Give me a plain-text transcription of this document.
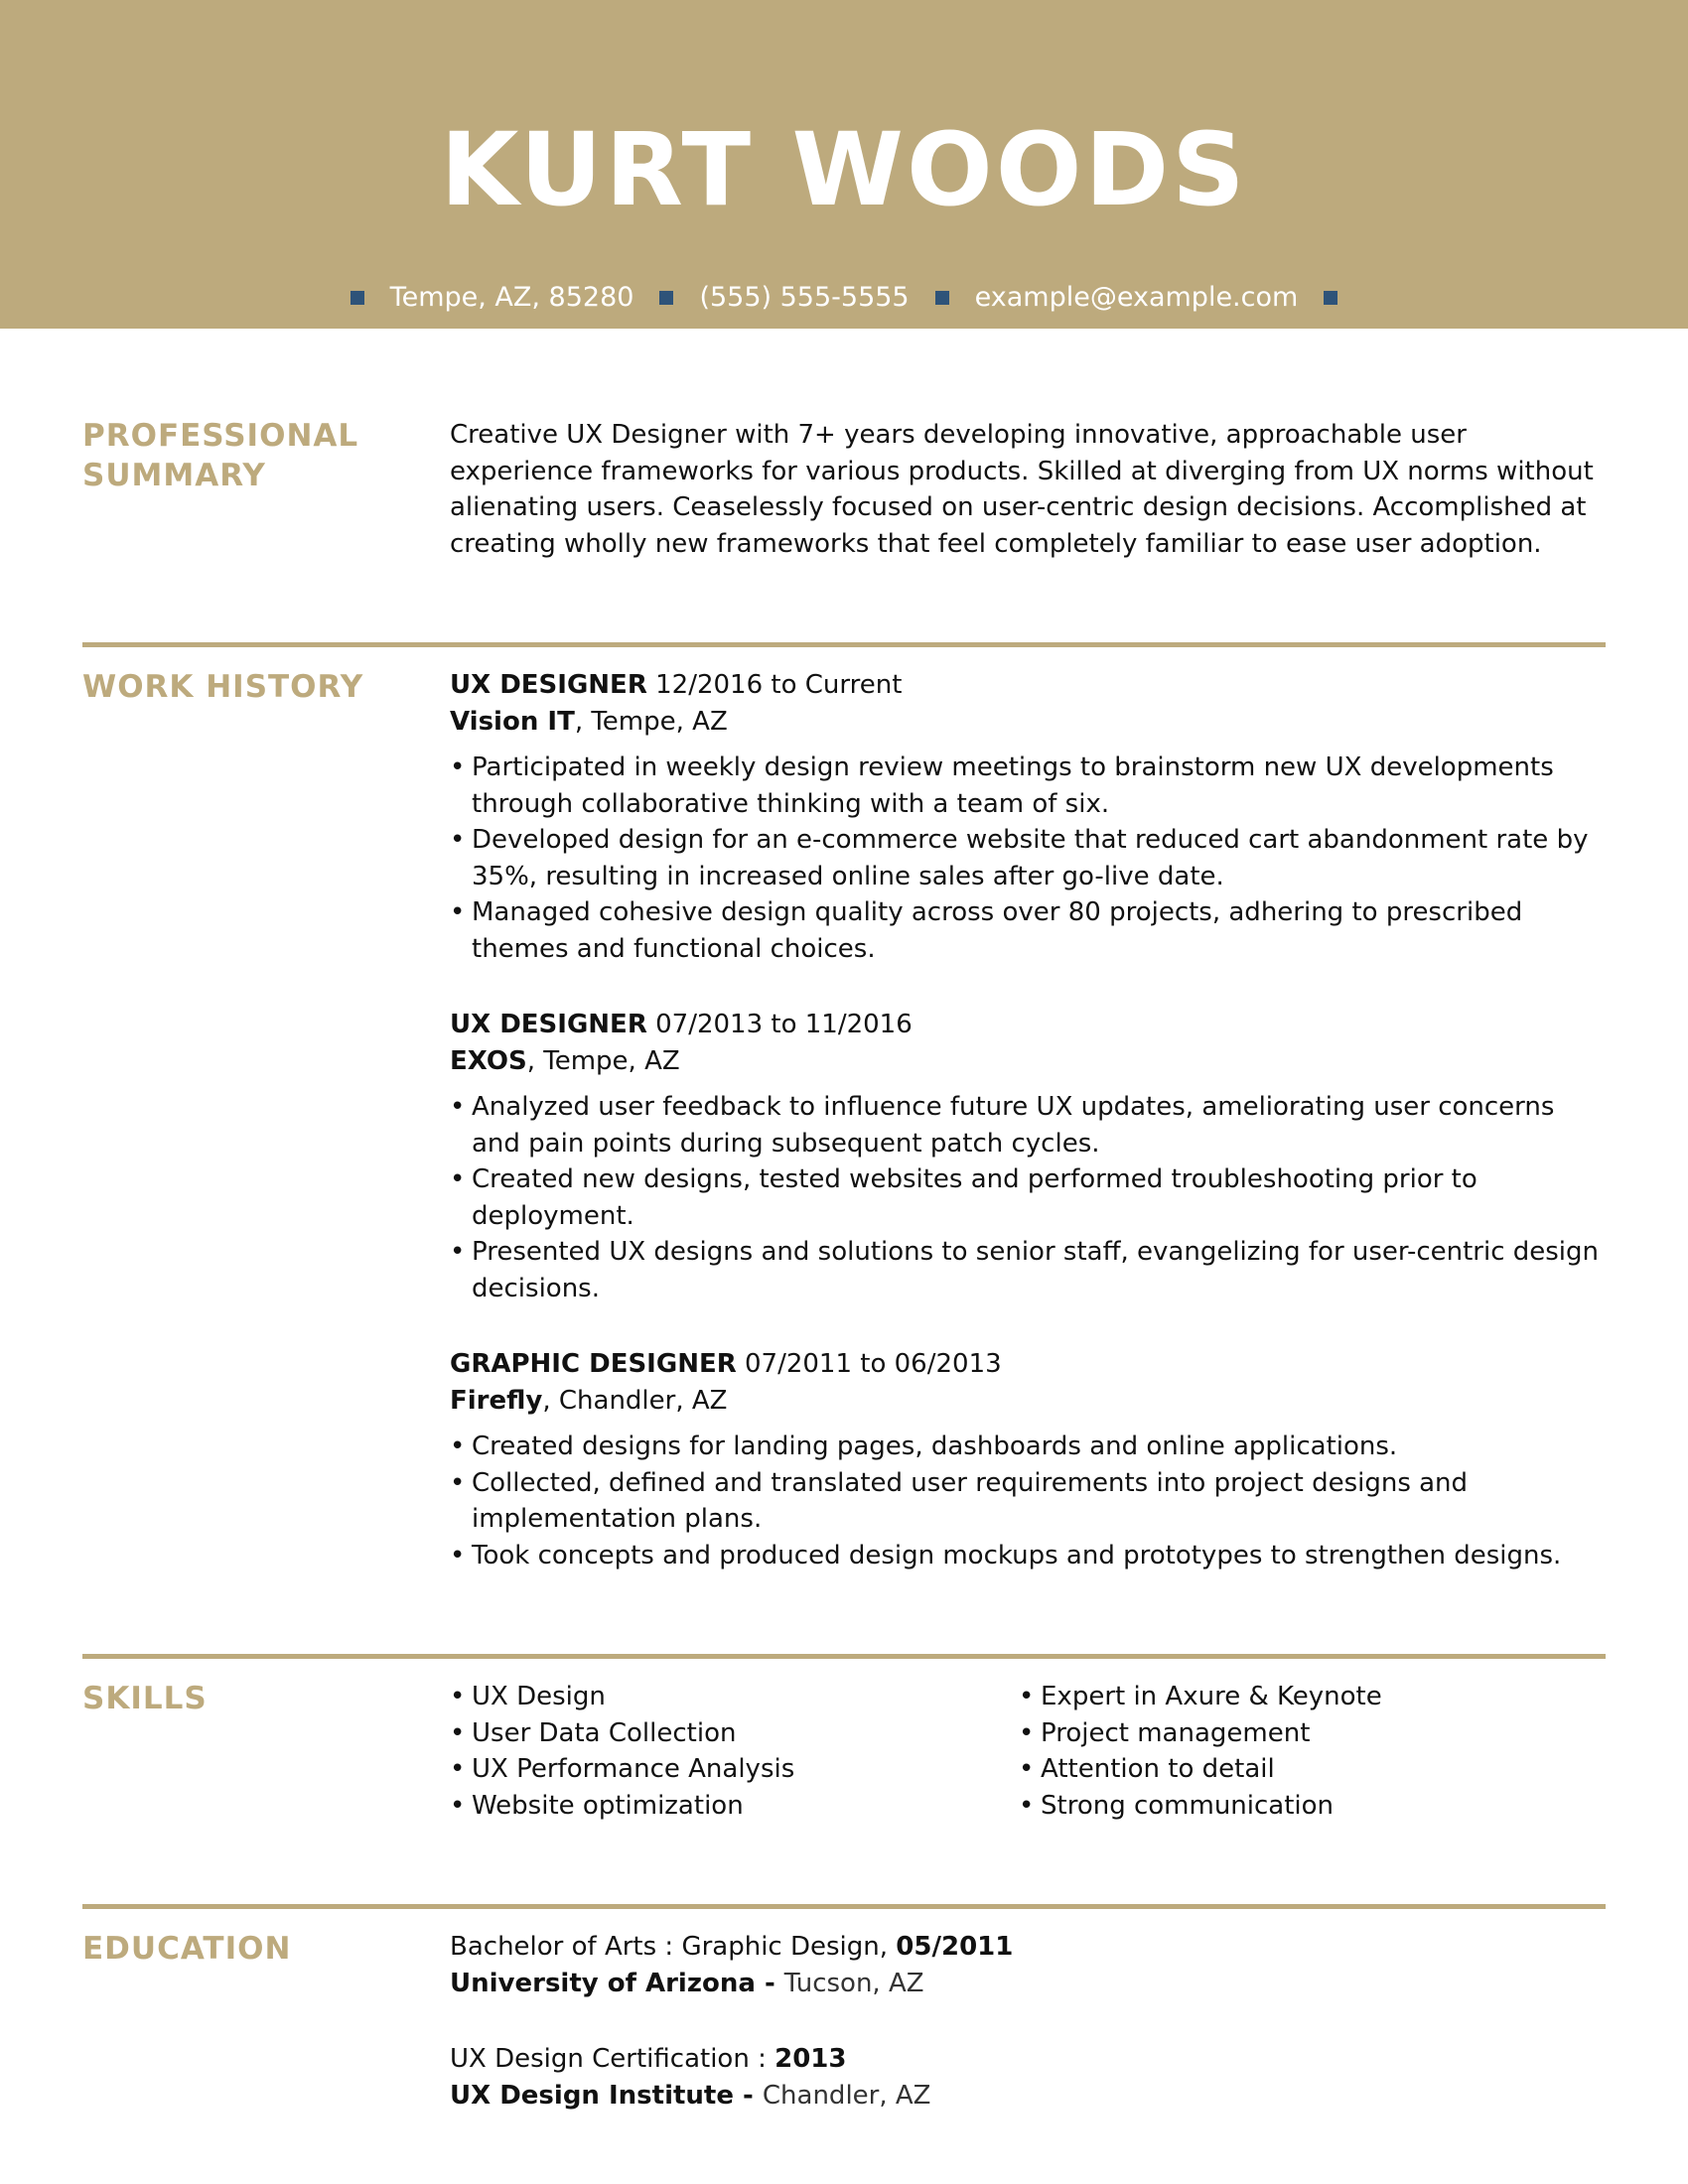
KURT WOODS
Tempe, AZ, 85280 (555) 555-5555 example@example.com
PROFESSIONAL
SUMMARY

Creative UX Designer with 7+ years developing innovative, approachable user experience frameworks for various products. Skilled at diverging from UX norms without alienating users. Ceaselessly focused on user-centric design decisions. Accomplished at creating wholly new frameworks that feel completely familiar to ease user adoption.

WORK HISTORY	UX DESIGNER 12/2016 to Current
Vision IT, Tempe, AZ
• Participated in weekly design review meetings to brainstorm new UX developments through collaborative thinking with a team of six.
• Developed design for an e-commerce website that reduced cart abandonment rate by 35%, resulting in increased online sales after go-live date.
• Managed cohesive design quality across over 80 projects, adhering to prescribed themes and functional choices.
UX DESIGNER 07/2013 to 11/2016
EXOS, Tempe, AZ
• Analyzed user feedback to influence future UX updates, ameliorating user concerns and pain points during subsequent patch cycles.
• Created new designs, tested websites and performed troubleshooting prior to deployment.
• Presented UX designs and solutions to senior staff, evangelizing for user-centric design decisions.
GRAPHIC DESIGNER 07/2011 to 06/2013
Firefly, Chandler, AZ
• Created designs for landing pages, dashboards and online applications.
• Collected, defined and translated user requirements into project designs and implementation plans.
• Took concepts and produced design mockups and prototypes to strengthen designs.
SKILLS
•	UX Design
• User Data Collection
• UX Performance Analysis
• Website optimization
• Expert in Axure & Keynote
• Project management
• Attention to detail
• Strong communication
EDUCATION	Bachelor of Arts : Graphic Design, 05/2011
University of Arizona - Tucson, AZ
UX Design Certification : 2013
UX Design Institute - Chandler, AZ
